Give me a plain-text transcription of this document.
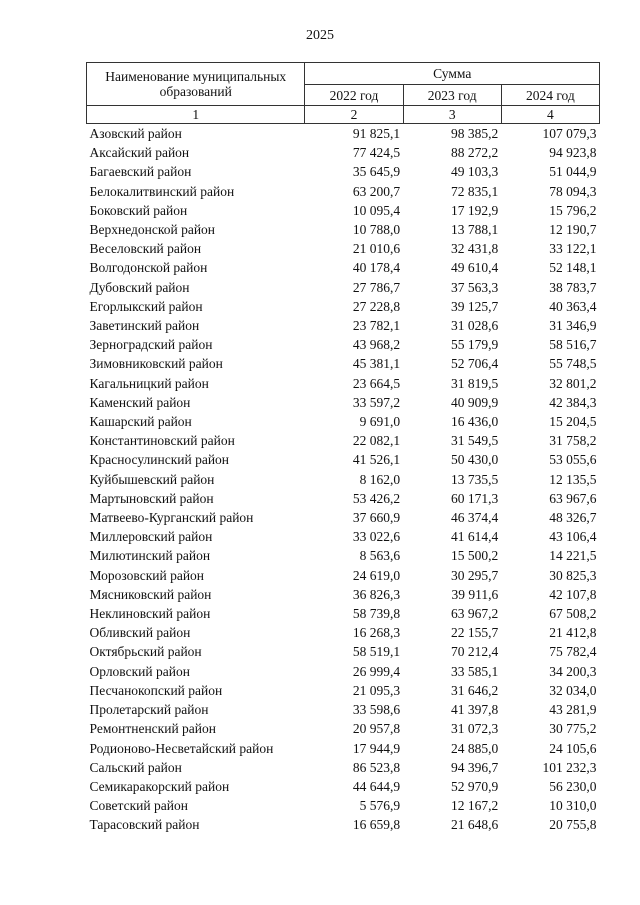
2025
Наименование муниципальных образований	Сумма		
	2022 год	2023 год	2024 год
1	2	3	4
Азовский район	91 825,1	98 385,2	107 079,3
Аксайский район	77 424,5	88 272,2	94 923,8
Багаевский район	35 645,9	49 103,3	51 044,9
Белокалитвинский район	63 200,7	72 835,1	78 094,3
Боковский район	10 095,4	17 192,9	15 796,2
Верхнедонской район	10 788,0	13 788,1	12 190,7
Веселовский район	21 010,6	32 431,8	33 122,1
Волгодонской район	40 178,4	49 610,4	52 148,1
Дубовский район	27 786,7	37 563,3	38 783,7
Егорлыкский район	27 228,8	39 125,7	40 363,4
Заветинский район	23 782,1	31 028,6	31 346,9
Зерноградский район	43 968,2	55 179,9	58 516,7
Зимовниковский район	45 381,1	52 706,4	55 748,5
Кагальницкий район	23 664,5	31 819,5	32 801,2
Каменский район	33 597,2	40 909,9	42 384,3
Кашарский район	9 691,0	16 436,0	15 204,5
Константиновский район	22 082,1	31 549,5	31 758,2
Красносулинский район	41 526,1	50 430,0	53 055,6
Куйбышевский район	8 162,0	13 735,5	12 135,5
Мартыновский район	53 426,2	60 171,3	63 967,6
Матвеево-Курганский район	37 660,9	46 374,4	48 326,7
Миллеровский район	33 022,6	41 614,4	43 106,4
Милютинский район	8 563,6	15 500,2	14 221,5
Морозовский район	24 619,0	30 295,7	30 825,3
Мясниковский район	36 826,3	39 911,6	42 107,8
Неклиновский район	58 739,8	63 967,2	67 508,2
Обливский район	16 268,3	22 155,7	21 412,8
Октябрьский район	58 519,1	70 212,4	75 782,4
Орловский район	26 999,4	33 585,1	34 200,3
Песчанокопский район	21 095,3	31 646,2	32 034,0
Пролетарский район	33 598,6	41 397,8	43 281,9
Ремонтненский район	20 957,8	31 072,3	30 775,2
Родионово-Несветайский район	17 944,9	24 885,0	24 105,6
Сальский район	86 523,8	94 396,7	101 232,3
Семикаракорский район	44 644,9	52 970,9	56 230,0
Советский район	5 576,9	12 167,2	10 310,0
Тарасовский район	16 659,8	21 648,6	20 755,8
